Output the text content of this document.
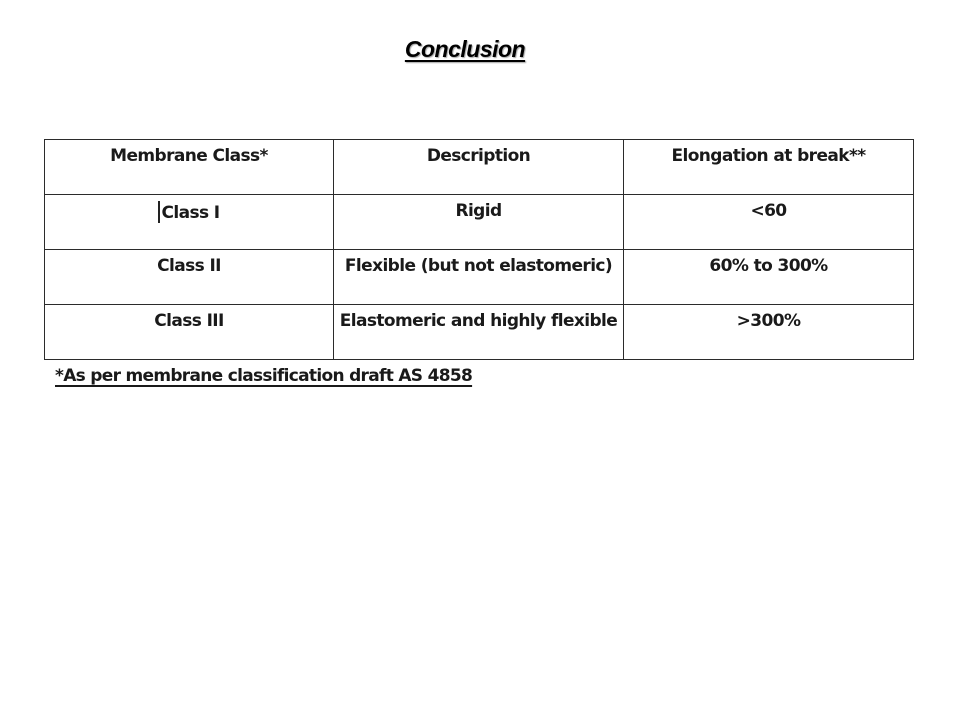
Conclusion
Membrane Class*	Description	Elongation at break**

Class I	Rigid	<60

Class II	Flexible (but not elastomeric)	60% to 300%

Class III	Elastomeric and highly flexible	>300%
*As per membrane classification draft AS 4858
